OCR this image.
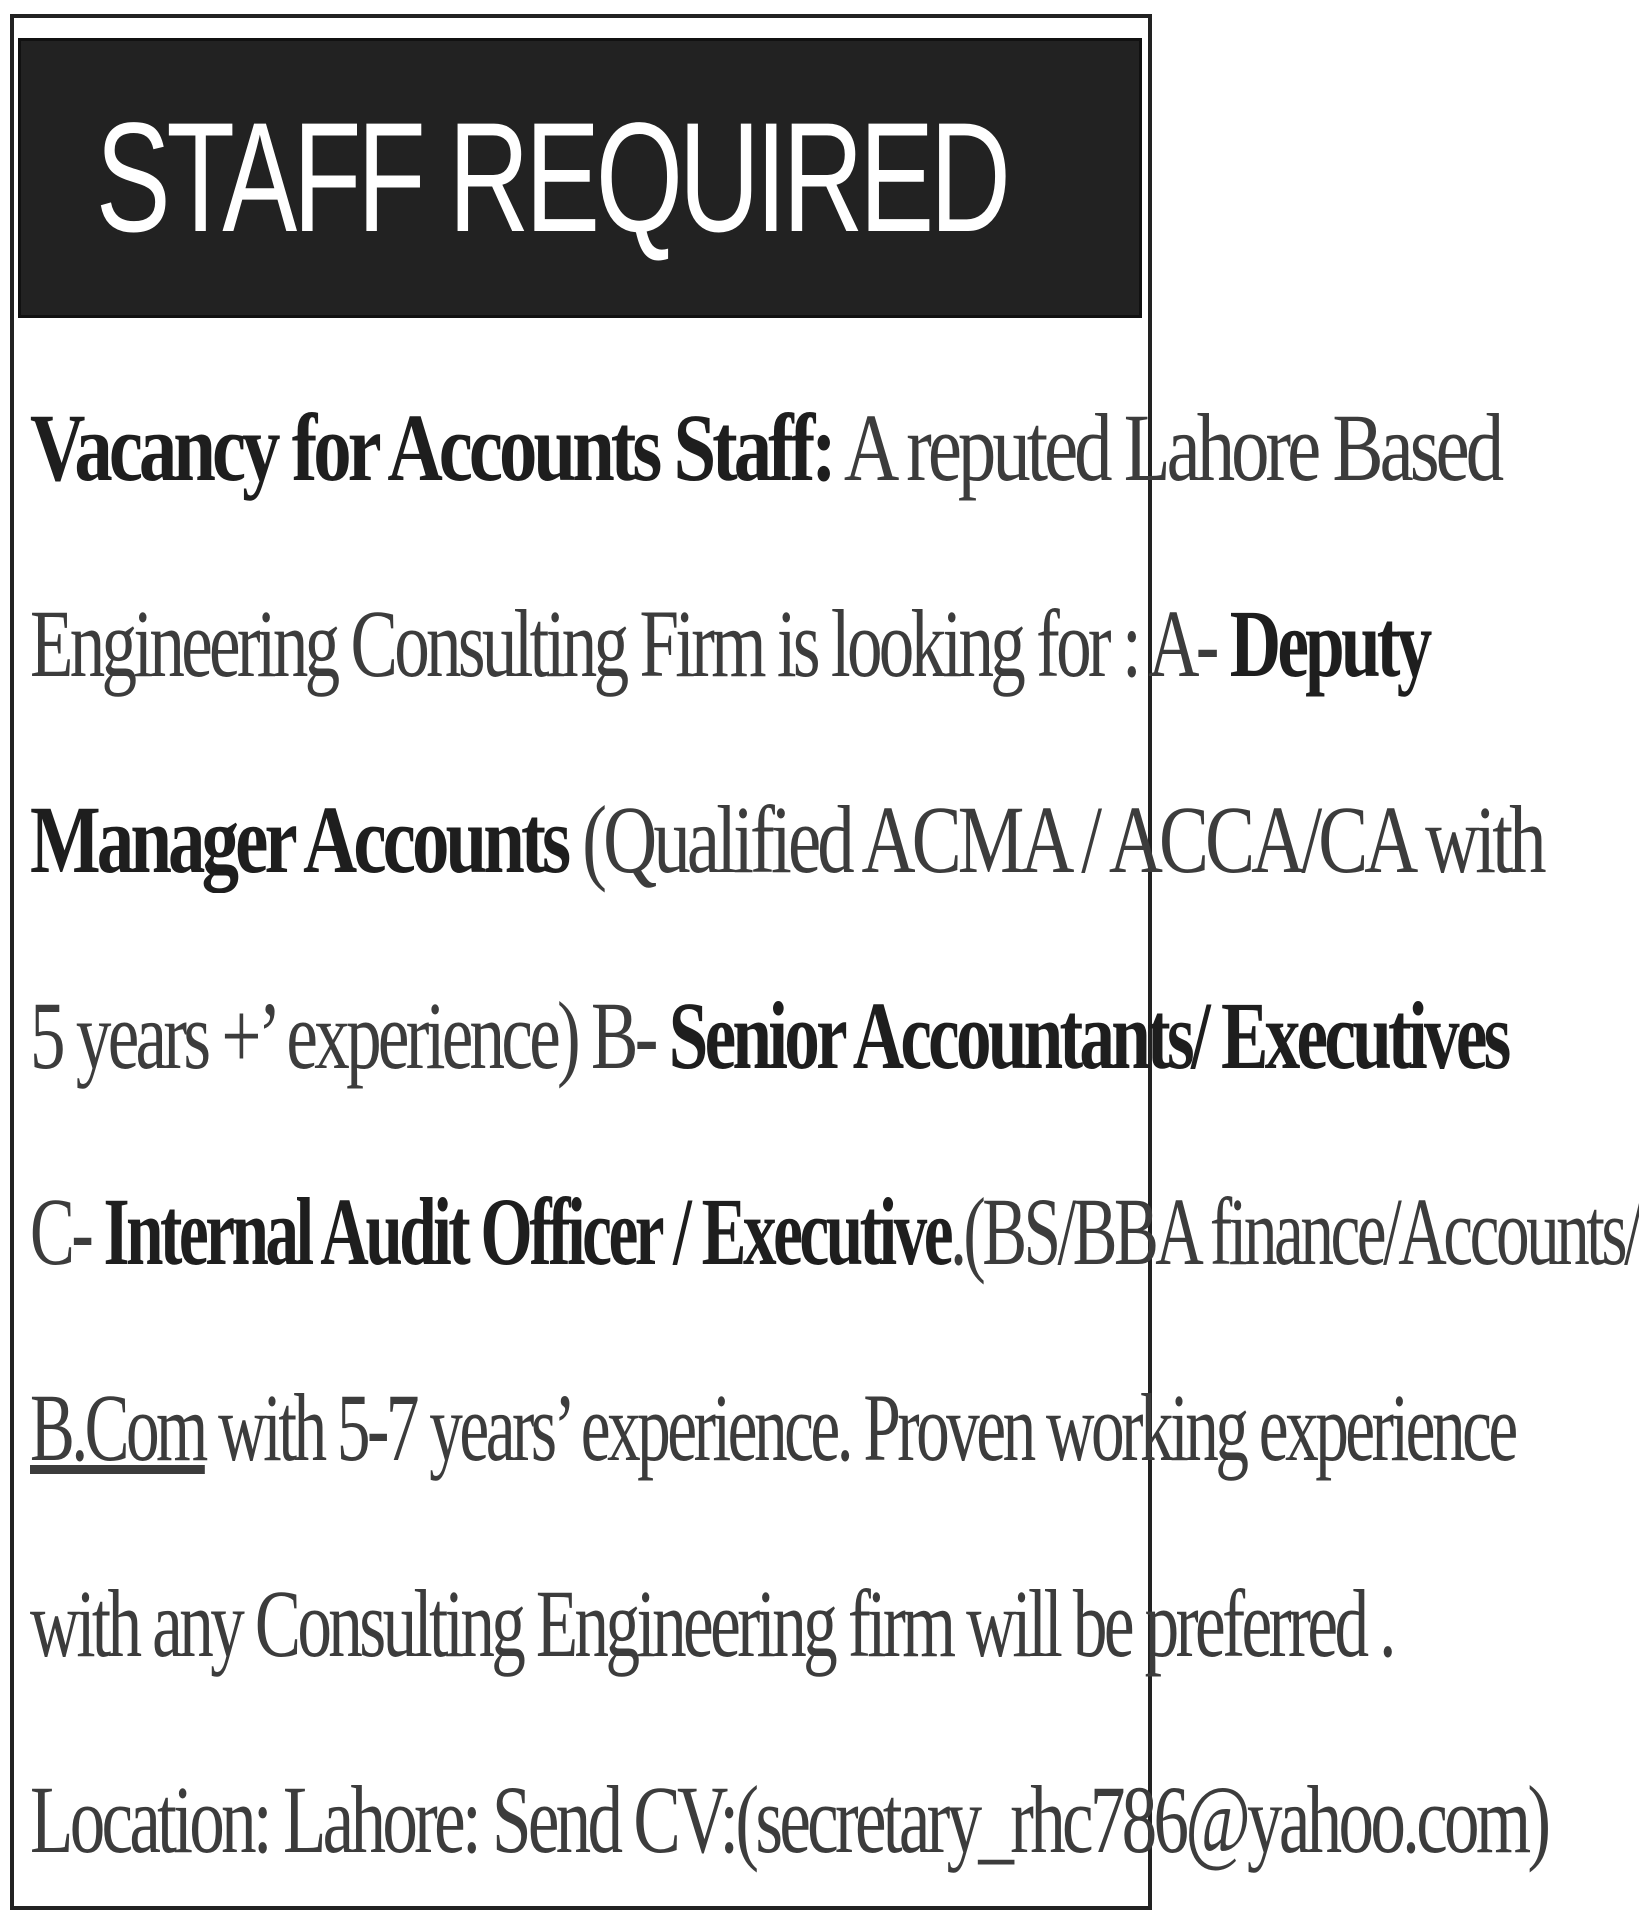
STAFF REQUIRED
Vacancy for Accounts Staff: A reputed Lahore Based
Engineering Consulting Firm is looking for : A- Deputy
Manager Accounts (Qualified ACMA / ACCA/CA with
5 years +’ experience) B- Senior Accountants/ Executives
C- Internal Audit Officer / Executive.(BS/BBA finance/Accounts/
B.Com with 5-7 years’ experience. Proven working experience
with any Consulting Engineering firm will be preferred .
Location: Lahore: Send CV:(secretary_rhc786@yahoo.com)
